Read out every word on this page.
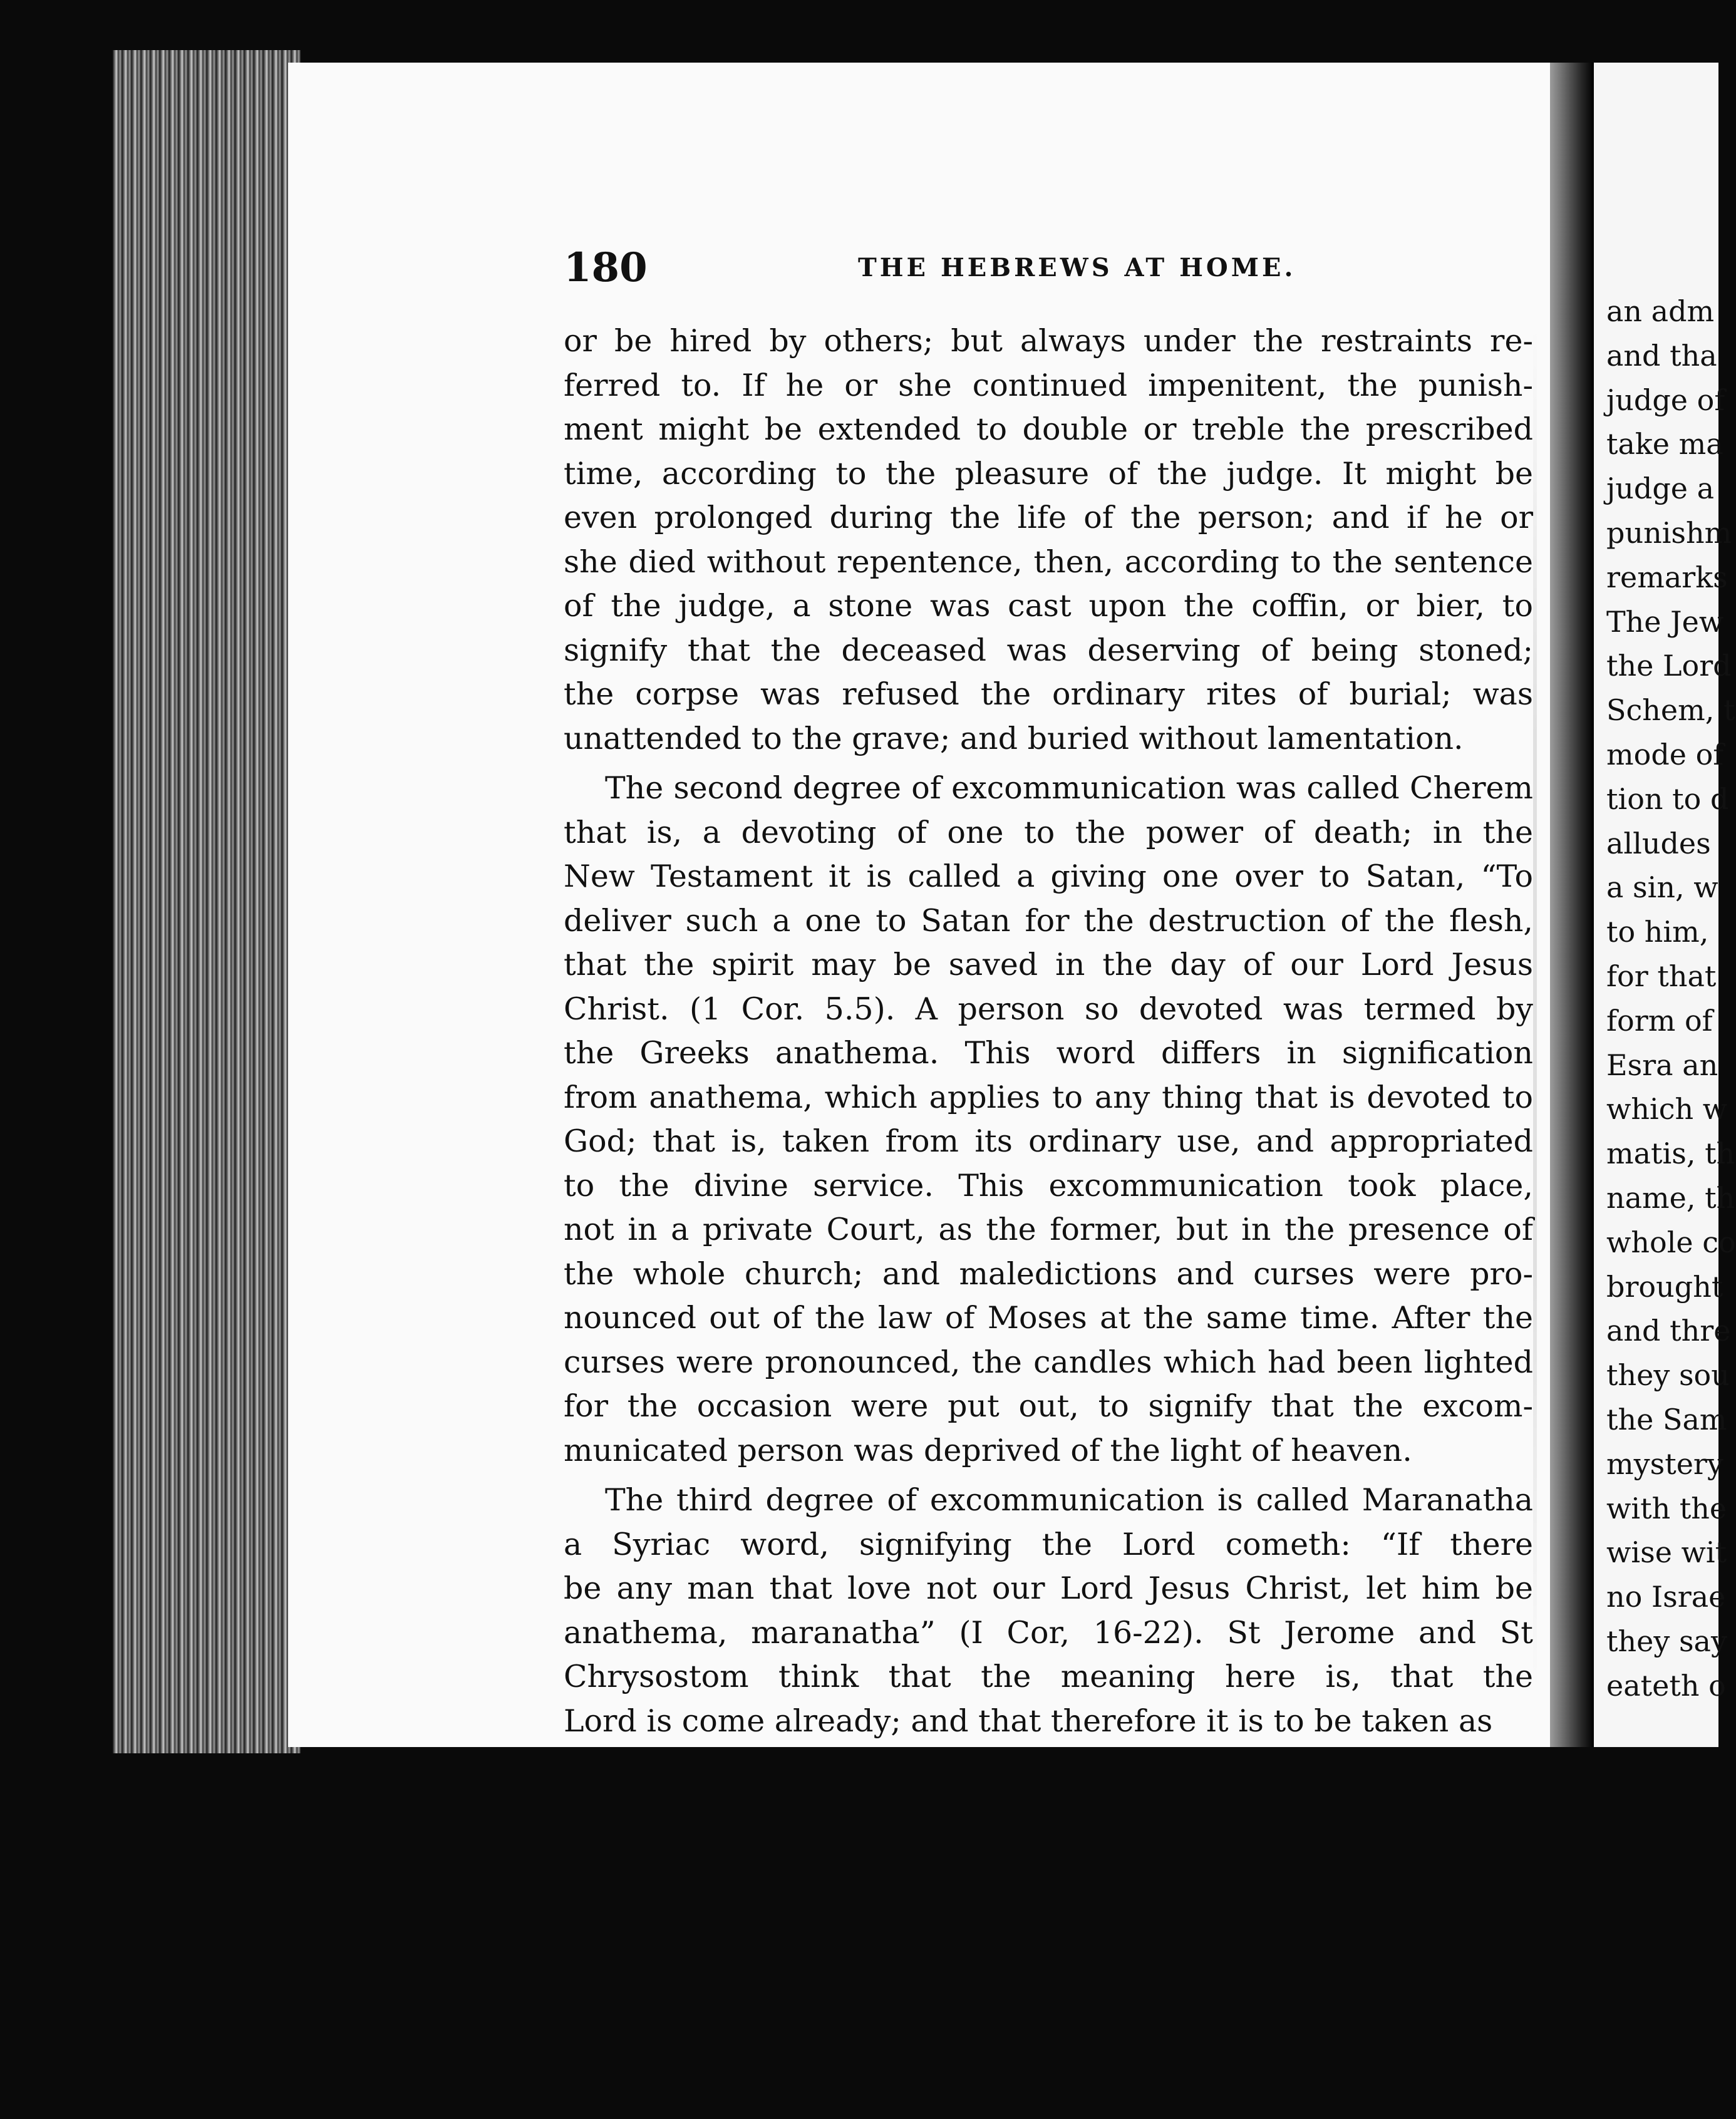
an adm
and tha
judge of
take ma
judge a
punishm
remarks
The Jew
the Lord
Schem, t
mode of
tion to d
alludes
a sin, w
to him,
for that
form of
Esra an
which w
matis, th
name, th
whole co
brought
and thre
they sou
the Sam
mystery
with the
wise wit
no Israe
they say
eateth o
180	THE HEBREWS AT HOME.

or be hired by others; but always under the restraints re-

ferred to. If he or she continued impenitent, the punish-

ment might be extended to double or treble the prescribed

time, according to the pleasure of the judge. It might be

even prolonged during the life of the person; and if he or

she died without repentence, then, according to the sentence

of the judge, a stone was cast upon the coffin, or bier, to

signify that the deceased was deserving of being stoned;

the corpse was refused the ordinary rites of burial; was

unattended to the grave; and buried without lamentation.

The second degree of excommunication was called Cherem

that is, a devoting of one to the power of death; in the

New Testament it is called a giving one over to Satan, “To

deliver such a one to Satan for the destruction of the flesh,

that the spirit may be saved in the day of our Lord Jesus

Christ. (1 Cor. 5.5). A person so devoted was termed by

the Greeks anathema. This word differs in signification

from anathema, which applies to any thing that is devoted to

God; that is, taken from its ordinary use, and appropriated

to the divine service. This excommunication took place,

not in a private Court, as the former, but in the presence of

the whole church; and maledictions and curses were pro-

nounced out of the law of Moses at the same time. After the

curses were pronounced, the candles which had been lighted

for the occasion were put out, to signify that the excom-

municated person was deprived of the light of heaven.

The third degree of excommunication is called Maranatha

a Syriac word, signifying the Lord cometh: “If there

be any man that love not our Lord Jesus Christ, let him be

anathema, maranatha” (I Cor, 16-22). St Jerome and St

Chrysostom think that the meaning here is, that the

Lord is come already; and that therefore it is to be taken as
